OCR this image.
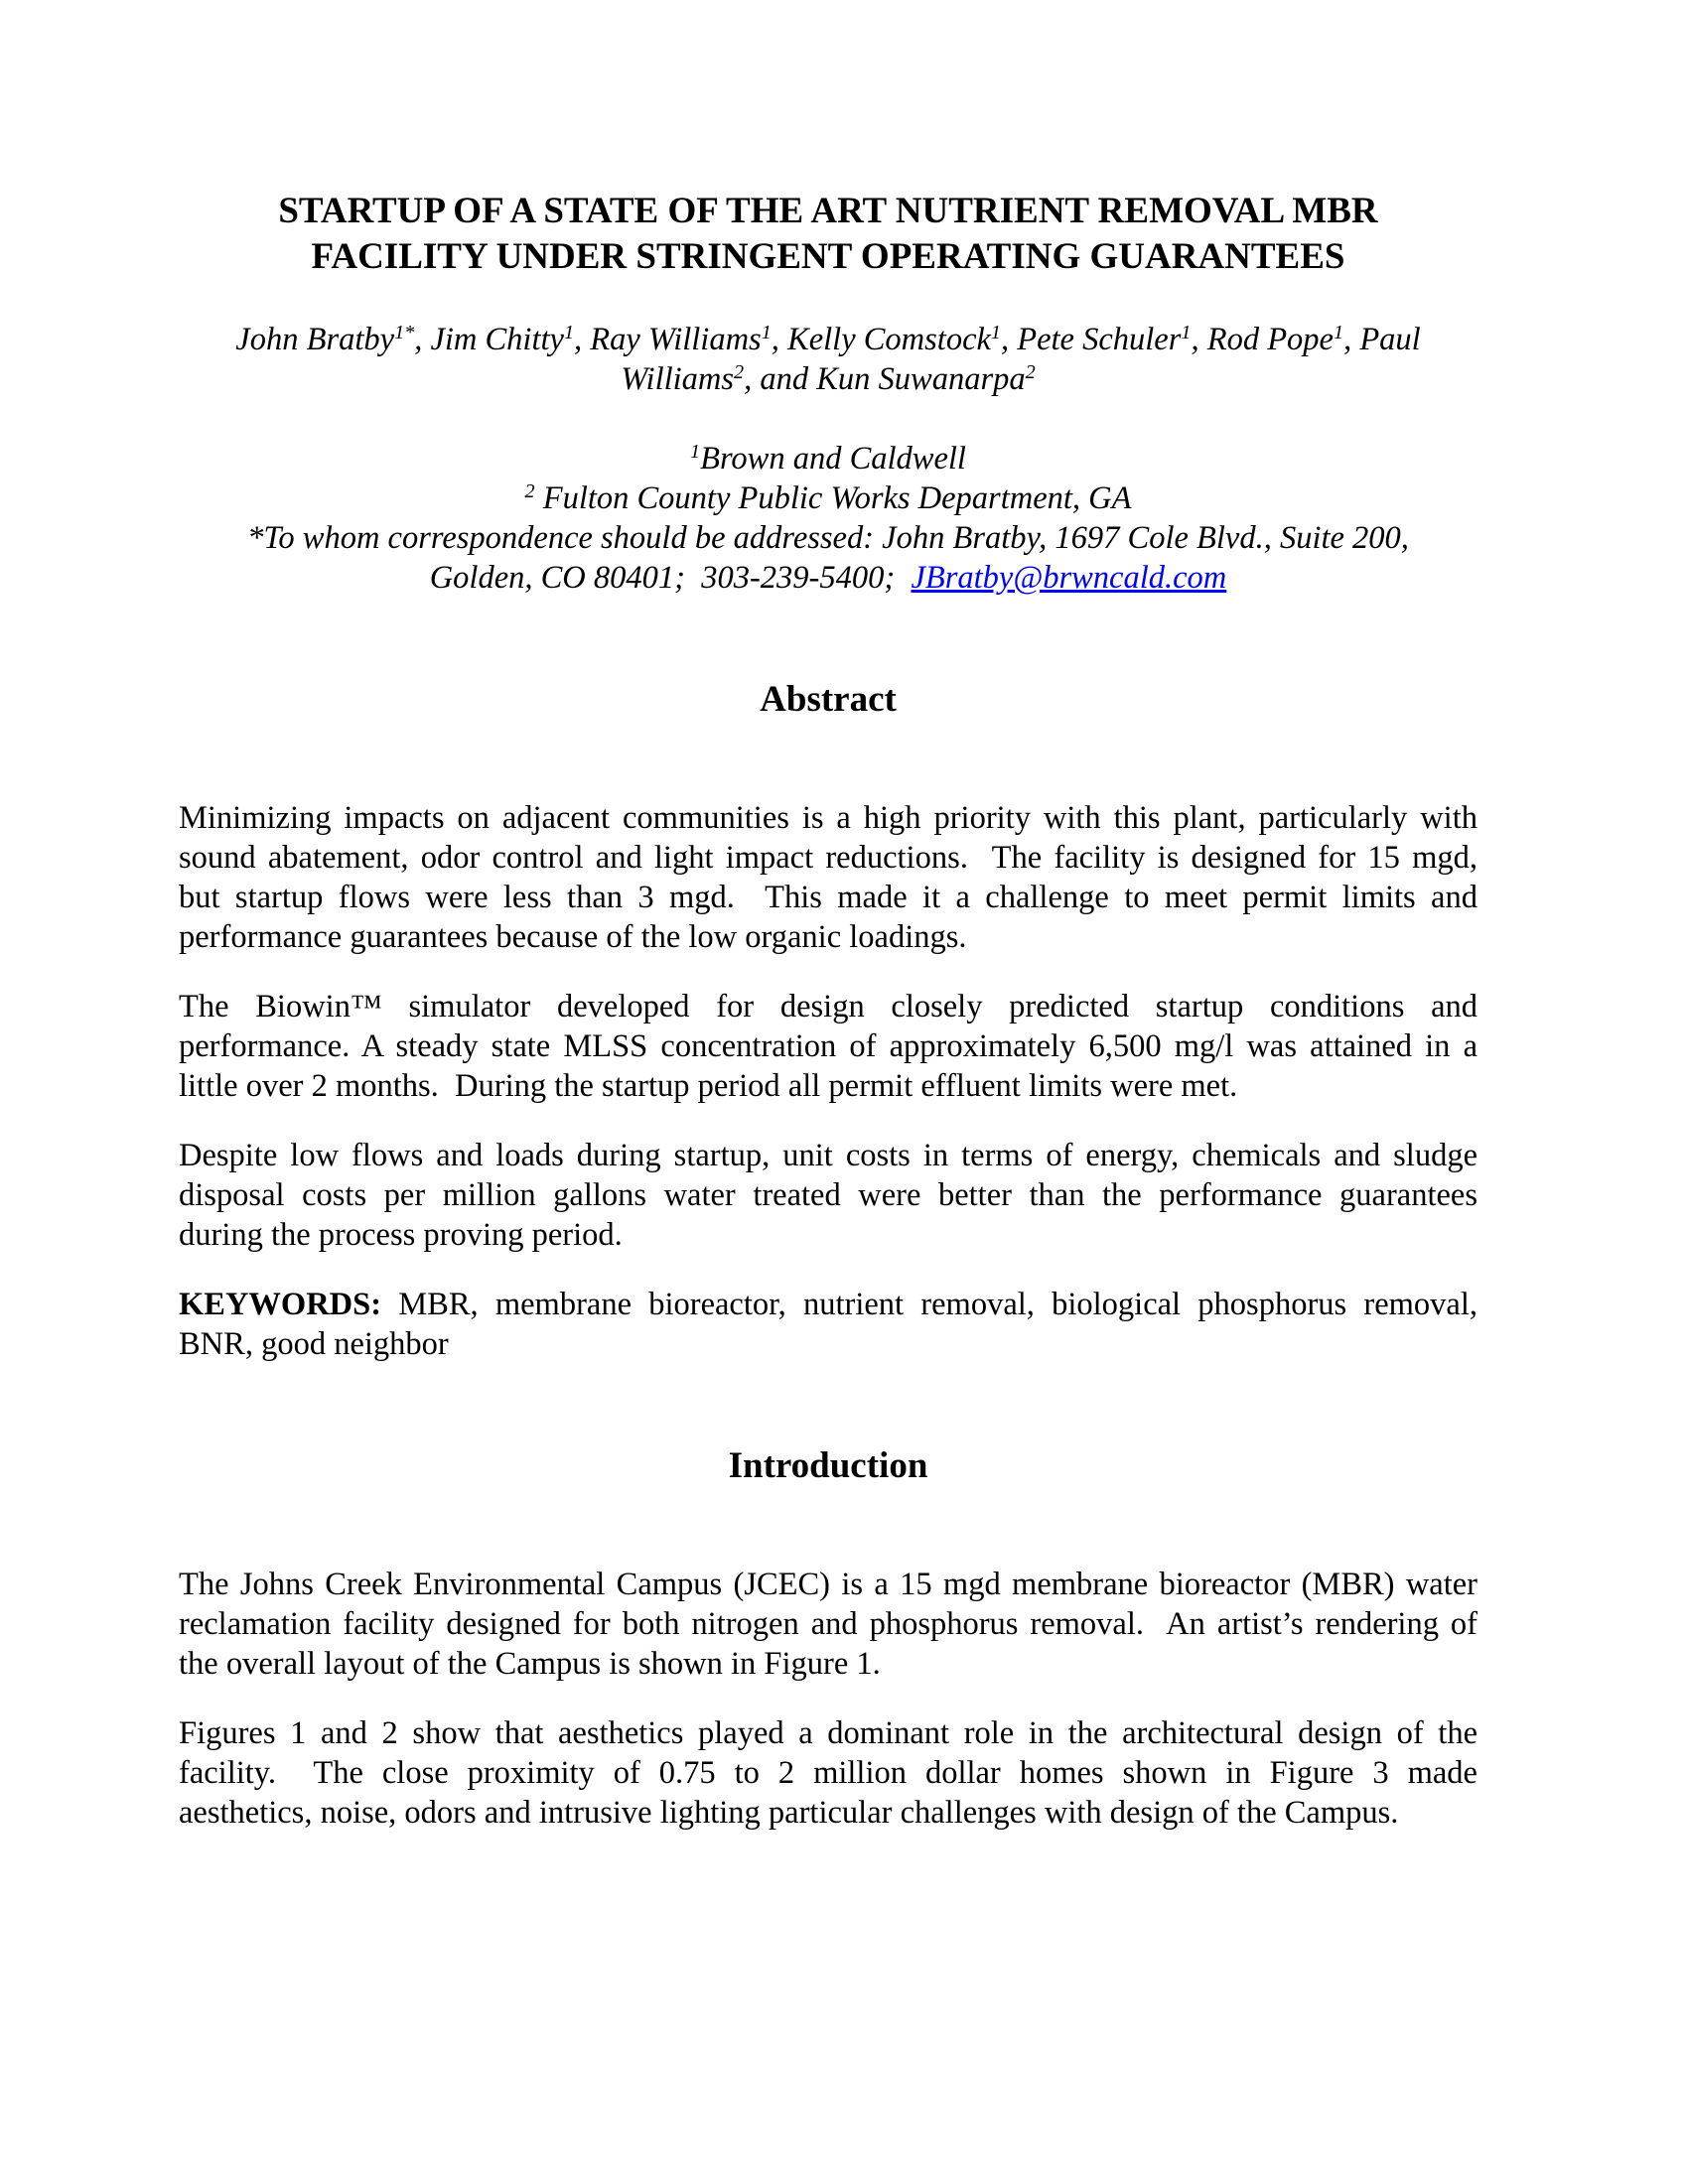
STARTUP OF A STATE OF THE ART NUTRIENT REMOVAL MBR
FACILITY UNDER STRINGENT OPERATING GUARANTEES
John Bratby$^{1*}$, Jim Chitty$^1$, Ray Williams$^1$, Kelly Comstock$^1$, Pete Schuler$^1$, Rod Pope$^1$, Paul
Williams$^2$, and Kun Suwanarpa$^2$
$^1$Brown and Caldwell
$^2$ Fulton County Public Works Department, GA
*To whom correspondence should be addressed: John Bratby, 1697 Cole Blvd., Suite 200,
Golden, CO 80401;  303-239-5400;  JBratby@brwncald.com
Abstract
Minimizing impacts on adjacent communities is a high priority with this plant, particularly with
sound abatement, odor control and light impact reductions.  The facility is designed for 15 mgd,
but startup flows were less than 3 mgd.  This made it a challenge to meet permit limits and
performance guarantees because of the low organic loadings.
The Biowin™ simulator developed for design closely predicted startup conditions and
performance. A steady state MLSS concentration of approximately 6,500 mg/l was attained in a
little over 2 months.  During the startup period all permit effluent limits were met.
Despite low flows and loads during startup, unit costs in terms of energy, chemicals and sludge
disposal costs per million gallons water treated were better than the performance guarantees
during the process proving period.
KEYWORDS: MBR, membrane bioreactor, nutrient removal, biological phosphorus removal,
BNR, good neighbor
Introduction
The Johns Creek Environmental Campus (JCEC) is a 15 mgd membrane bioreactor (MBR) water
reclamation facility designed for both nitrogen and phosphorus removal.  An artist’s rendering of
the overall layout of the Campus is shown in Figure 1.
Figures 1 and 2 show that aesthetics played a dominant role in the architectural design of the
facility.  The close proximity of 0.75 to 2 million dollar homes shown in Figure 3 made
aesthetics, noise, odors and intrusive lighting particular challenges with design of the Campus.
